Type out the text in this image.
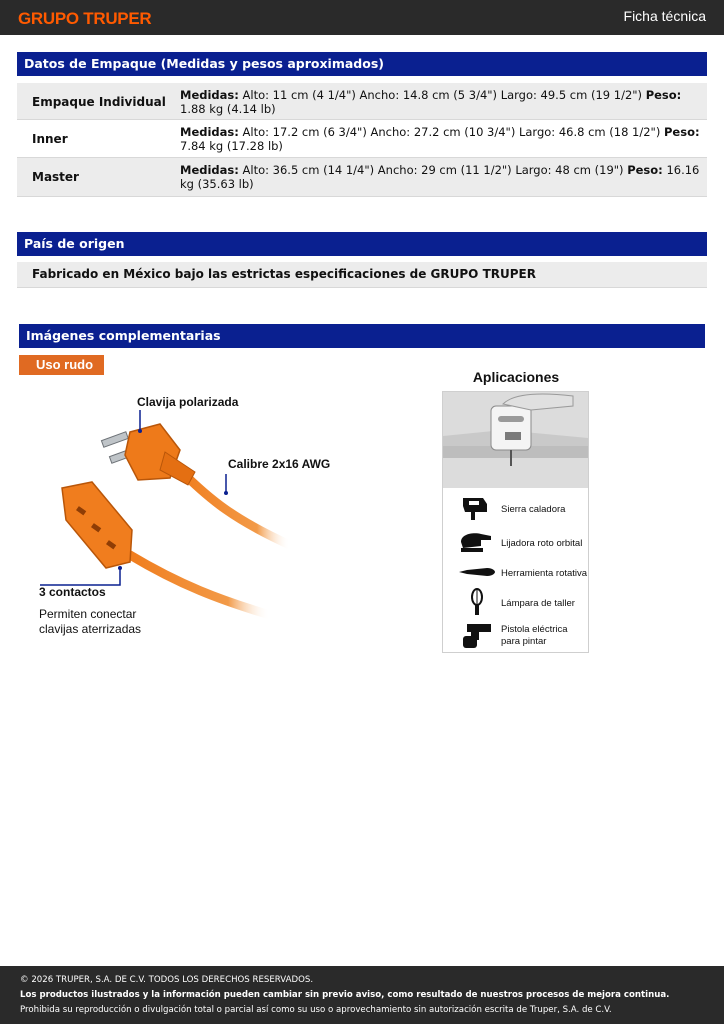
GRUPO TRUPER	Ficha técnica
Datos de Empaque (Medidas y pesos aproximados)
Empaque Individual Medidas: Alto: 11 cm (4 1/4") Ancho: 14.8 cm (5 3/4") Largo: 49.5 cm (19 1/2") Peso: 1.88 kg (4.14 lb)
Inner	Medidas: Alto: 17.2 cm (6 3/4") Ancho: 27.2 cm (10 3/4") Largo: 46.8 cm (18 1/2") Peso: 7.84 kg (17.28 lb)
Master	Medidas: Alto: 36.5 cm (14 1/4") Ancho: 29 cm (11 1/2") Largo: 48 cm (19") Peso: 16.16 kg (35.63 lb)
País de origen
Fabricado en México bajo las estrictas especificaciones de GRUPO TRUPER
Imágenes complementarias
Uso rudo
Clavija polarizada
Calibre 2x16 AWG
3 contactos
Permiten conectar
clavijas aterrizadas
Aplicaciones
Sierra caladora
Lijadora roto orbital
Herramienta rotativa
Lámpara de taller
Pistola eléctrica
para pintar
© 2026 TRUPER, S.A. DE C.V. TODOS LOS DERECHOS RESERVADOS.
Los productos ilustrados y la información pueden cambiar sin previo aviso, como resultado de nuestros procesos de mejora continua.
Prohibida su reproducción o divulgación total o parcial así como su uso o aprovechamiento sin autorización escrita de Truper, S.A. de C.V.
